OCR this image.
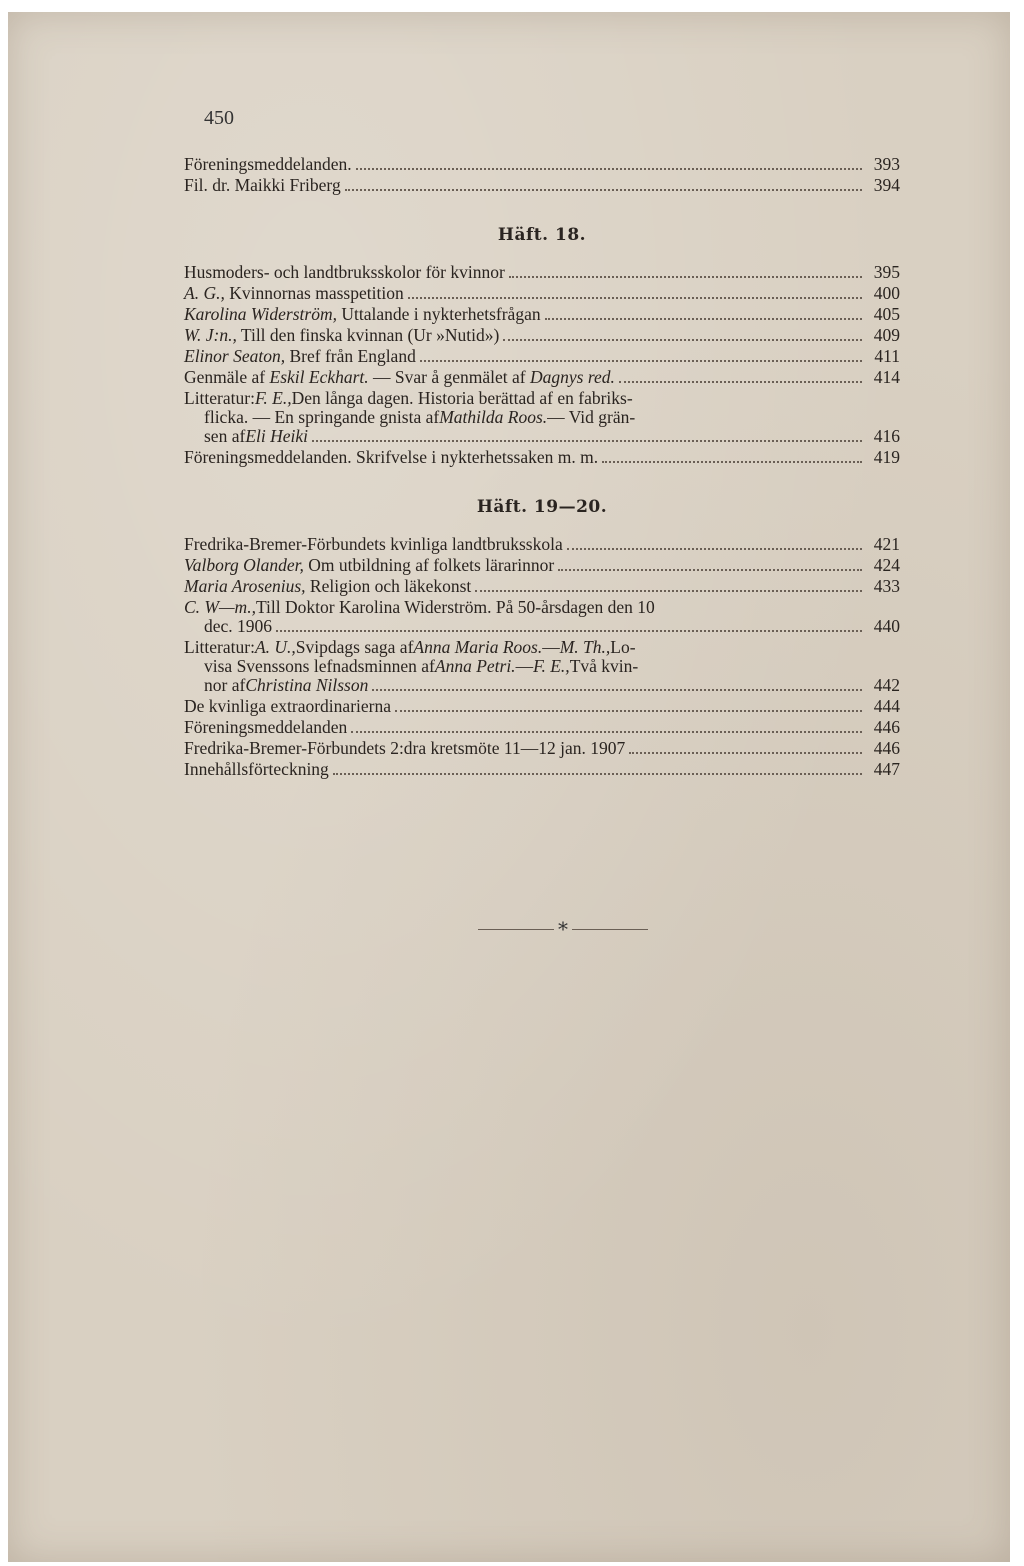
450
Föreningsmeddelanden.	393
Fil. dr. Maikki Friberg	394
Häft. 18.
Husmoders- och landtbruksskolor för kvinnor	395
A. G., Kvinnornas masspetition	400
Karolina Widerström, Uttalande i nykterhetsfrågan	405
W. J:n., Till den finska kvinnan (Ur »Nutid»)	409
Elinor Seaton, Bref från England	411
Genmäle af Eskil Eckhart. — Svar å genmälet af Dagnys red.	414
Litteratur: F. E., Den långa dagen. Historia berättad af en fabriks-
flicka. — En springande gnista af Mathilda Roos. — Vid grän-
sen af Eli Heiki	416
Föreningsmeddelanden. Skrifvelse i nykterhetssaken m. m.	419
Häft. 19—20.
Fredrika-Bremer-Förbundets kvinliga landtbruksskola	421
Valborg Olander, Om utbildning af folkets lärarinnor	424
Maria Arosenius, Religion och läkekonst	433
C. W—m., Till Doktor Karolina Widerström. På 50-årsdagen den 10
dec. 1906	440
Litteratur: A. U., Svipdags saga af Anna Maria Roos. — M. Th., Lo-
visa Svenssons lefnadsminnen af Anna Petri. — F. E., Två kvin-
nor af Christina Nilsson	442
De kvinliga extraordinarierna	444
Föreningsmeddelanden	446
Fredrika-Bremer-Förbundets 2:dra kretsmöte 11—12 jan. 1907	446
Innehållsförteckning	447
*
